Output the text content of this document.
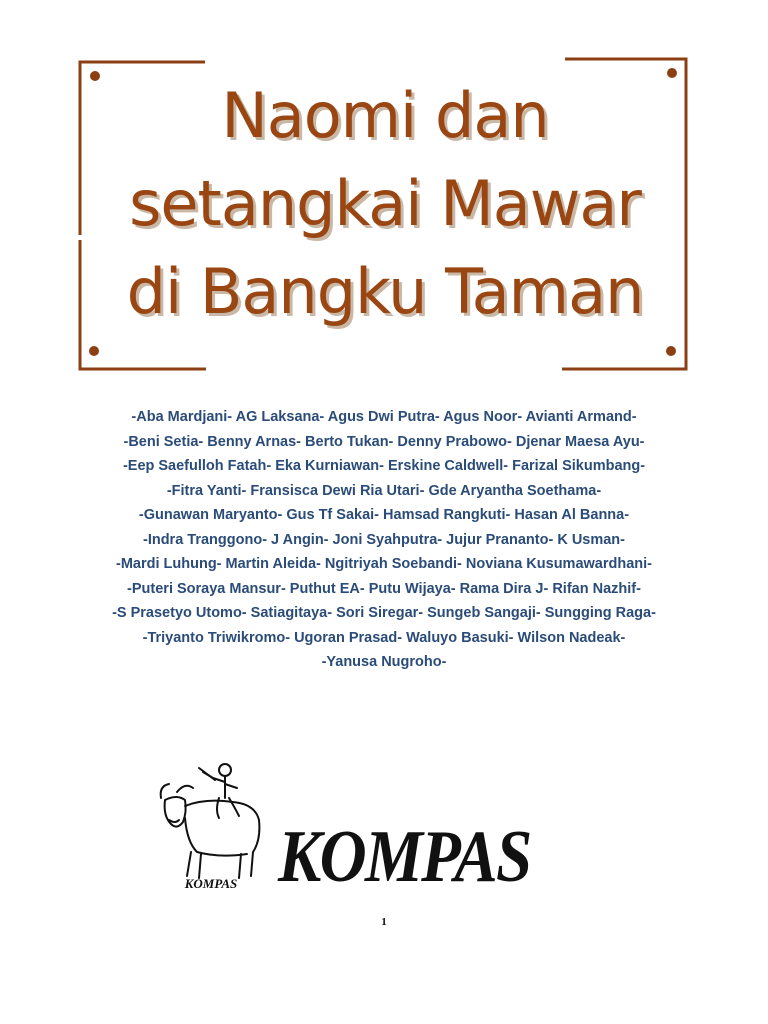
Naomi dan
setangkai Mawar
di Bangku Taman
-Aba Mardjani- AG Laksana- Agus Dwi Putra- Agus Noor- Avianti Armand-
-Beni Setia- Benny Arnas- Berto Tukan- Denny Prabowo- Djenar Maesa Ayu-
-Eep Saefulloh Fatah- Eka Kurniawan- Erskine Caldwell- Farizal Sikumbang-
-Fitra Yanti- Fransisca Dewi Ria Utari- Gde Aryantha Soethama-
-Gunawan Maryanto- Gus Tf Sakai- Hamsad Rangkuti- Hasan Al Banna-
-Indra Tranggono- J Angin- Joni Syahputra- Jujur Prananto- K Usman-
-Mardi Luhung- Martin Aleida- Ngitriyah Soebandi- Noviana Kusumawardhani-
-Puteri Soraya Mansur- Puthut EA- Putu Wijaya- Rama Dira J- Rifan Nazhif-
-S Prasetyo Utomo- Satiagitaya- Sori Siregar- Sungeb Sangaji- Sungging Raga-
-Triyanto Triwikromo- Ugoran Prasad- Waluyo Basuki- Wilson Nadeak-
-Yanusa Nugroho-
KOMPAS KOMPAS
1
